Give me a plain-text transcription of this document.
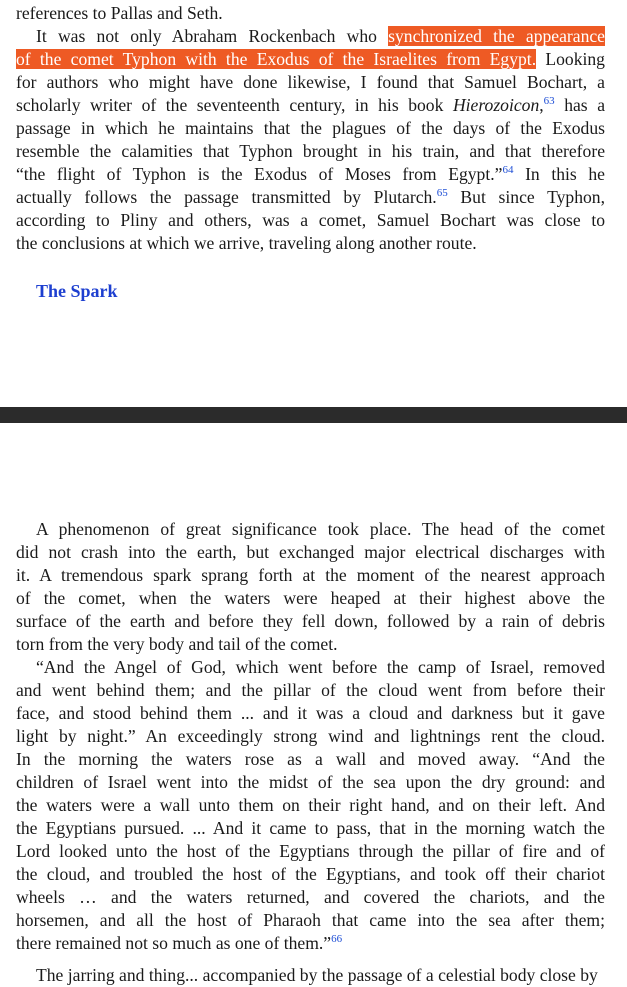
references to Pallas and Seth.
It was not only Abraham Rockenbach who synchronized the appearance
of the comet Typhon with the Exodus of the Israelites from Egypt. Looking
for authors who might have done likewise, I found that Samuel Bochart, a
scholarly writer of the seventeenth century, in his book Hierozoicon,$^{63}$ has a
passage in which he maintains that the plagues of the days of the Exodus
resemble the calamities that Typhon brought in his train, and that therefore
“the flight of Typhon is the Exodus of Moses from Egypt.”$^{64}$ In this he
actually follows the passage transmitted by Plutarch.$^{65}$ But since Typhon,
according to Pliny and others, was a comet, Samuel Bochart was close to
the conclusions at which we arrive, traveling along another route.
The Spark
A phenomenon of great significance took place. The head of the comet
did not crash into the earth, but exchanged major electrical discharges with
it. A tremendous spark sprang forth at the moment of the nearest approach
of the comet, when the waters were heaped at their highest above the
surface of the earth and before they fell down, followed by a rain of debris
torn from the very body and tail of the comet.
“And the Angel of God, which went before the camp of Israel, removed
and went behind them; and the pillar of the cloud went from before their
face, and stood behind them ... and it was a cloud and darkness but it gave
light by night.” An exceedingly strong wind and lightnings rent the cloud.
In the morning the waters rose as a wall and moved away. “And the
children of Israel went into the midst of the sea upon the dry ground: and
the waters were a wall unto them on their right hand, and on their left. And
the Egyptians pursued. ... And it came to pass, that in the morning watch the
Lord looked unto the host of the Egyptians through the pillar of fire and of
the cloud, and troubled the host of the Egyptians, and took off their chariot
wheels … and the waters returned, and covered the chariots, and the
horsemen, and all the host of Pharaoh that came into the sea after them;
there remained not so much as one of them.”$^{66}$
The jarring and thing... accompanied by the passage of a celestial body close by
